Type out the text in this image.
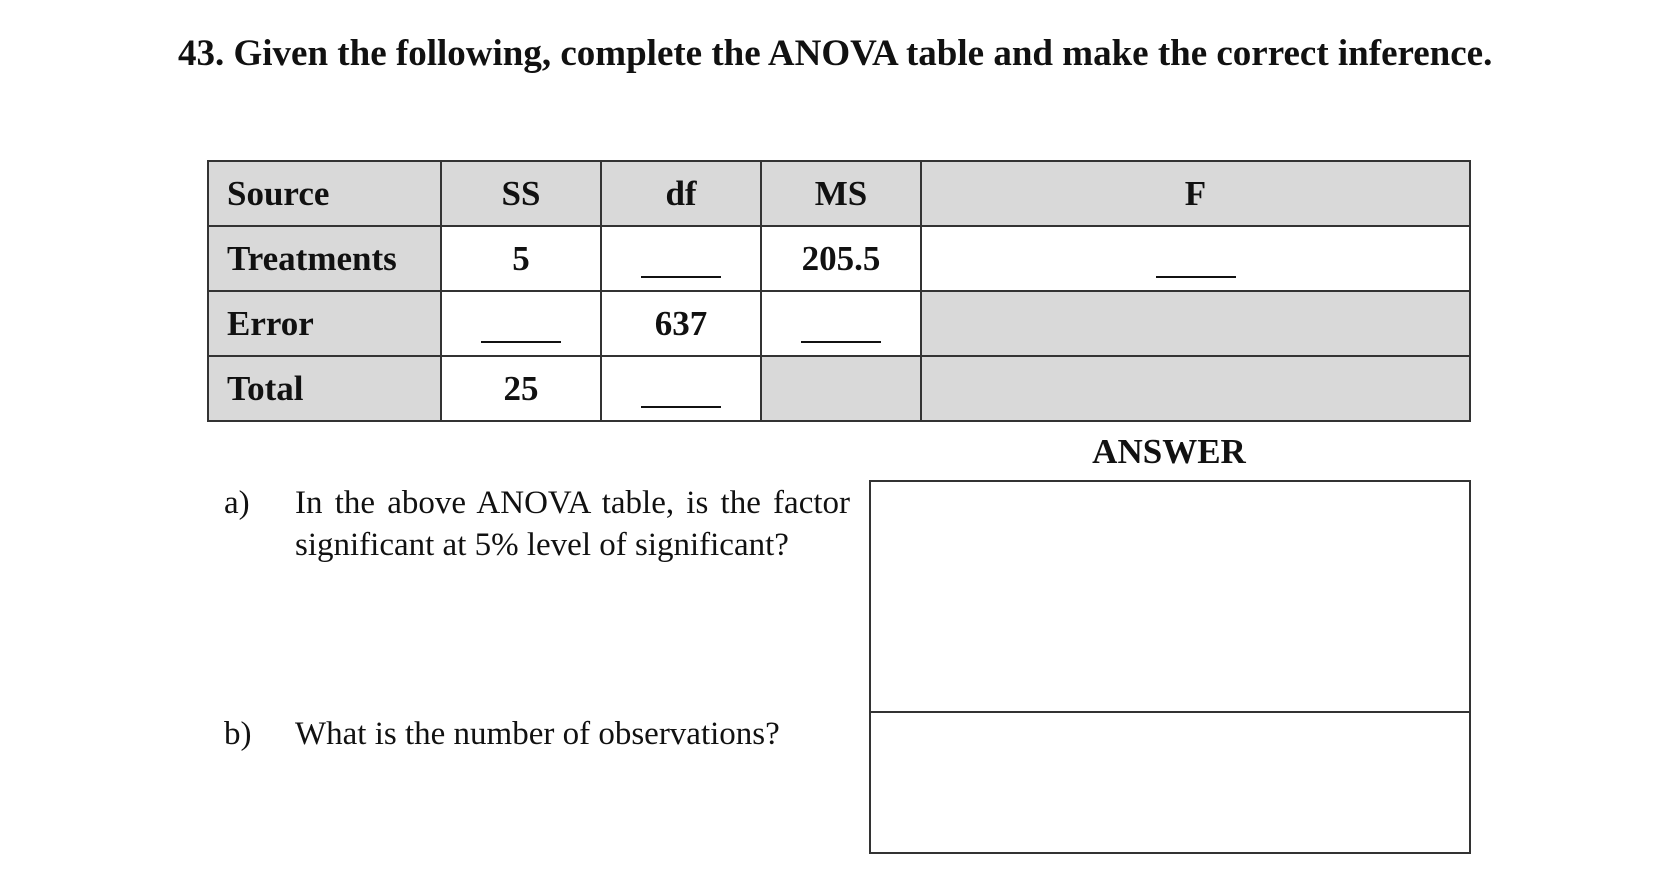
43. Given the following, complete the ANOVA table and make the correct inference.
Source	SS	df	MS	F
Treatments	5		205.5	
Error		637		
Total	25			
ANSWER
a) In the above ANOVA table, is the factor significant at 5% level of significant?
b) What is the number of observations?
